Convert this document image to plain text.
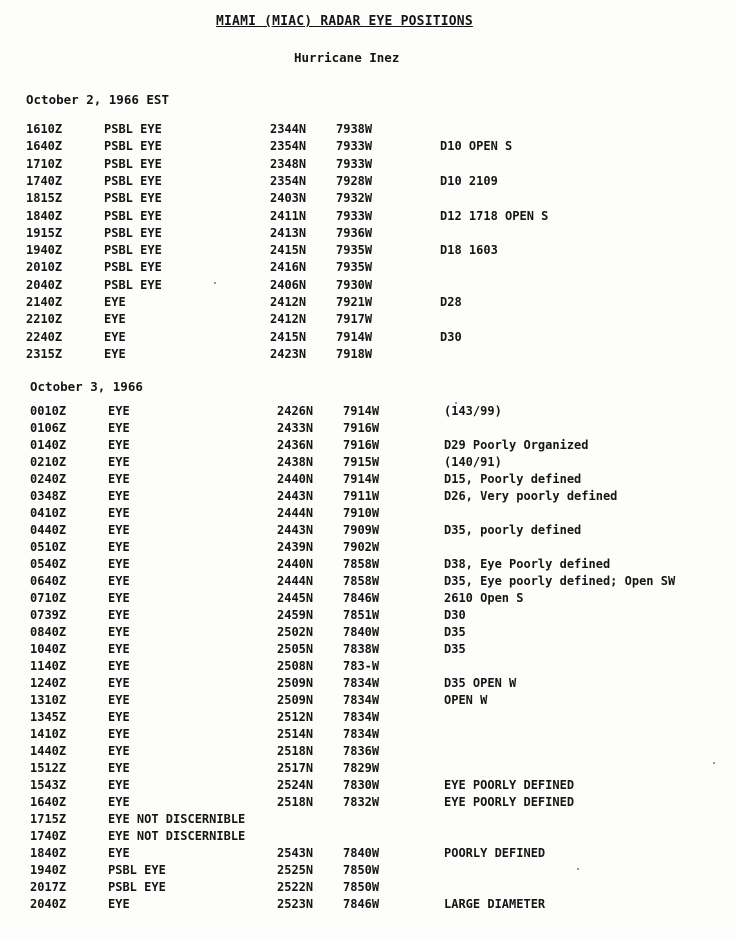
MIAMI (MIAC) RADAR EYE POSITIONS
Hurricane Inez
October 2, 1966 EST
1610Z	PSBL EYE	2344N 7938W
1640Z	PSBL EYE	2354N 7933W	D10 OPEN S
1710Z	PSBL EYE	2348N 7933W
1740Z	PSBL EYE	2354N 7928W	D10 2109
1815Z	PSBL EYE	2403N 7932W
1840Z	PSBL EYE	2411N 7933W	D12 1718 OPEN S
1915Z	PSBL EYE	2413N 7936W
1940Z	PSBL EYE	2415N 7935W	D18 1603
2010Z	PSBL EYE	2416N 7935W
2040Z	PSBL EYE	2406N 7930W
2140Z	EYE	2412N 7921W	D28
2210Z	EYE	2412N 7917W
2240Z	EYE	2415N 7914W	D30
2315Z	EYE	2423N 7918W
October 3, 1966
0010Z	EYE	2426N 7914W	(143/99)
0106Z	EYE	2433N 7916W
0140Z	EYE	2436N 7916W	D29 Poorly Organized
0210Z	EYE	2438N 7915W	(140/91)
0240Z	EYE	2440N 7914W	D15, Poorly defined
0348Z	EYE	2443N 7911W	D26, Very poorly defined
0410Z	EYE	2444N 7910W
0440Z	EYE	2443N 7909W	D35, poorly defined
0510Z	EYE	2439N 7902W
0540Z	EYE	2440N 7858W	D38, Eye Poorly defined
0640Z	EYE	2444N 7858W	D35, Eye poorly defined; Open SW
0710Z	EYE	2445N 7846W	2610 Open S
0739Z	EYE	2459N 7851W	D30
0840Z	EYE	2502N 7840W	D35
1040Z	EYE	2505N 7838W	D35
1140Z	EYE	2508N 783-W
1240Z	EYE	2509N 7834W	D35 OPEN W
1310Z	EYE	2509N 7834W	OPEN W
1345Z	EYE	2512N 7834W
1410Z	EYE	2514N 7834W
1440Z	EYE	2518N 7836W
1512Z	EYE	2517N 7829W
1543Z	EYE	2524N 7830W	EYE POORLY DEFINED
1640Z	EYE	2518N 7832W	EYE POORLY DEFINED
1715Z	EYE NOT DISCERNIBLE
1740Z	EYE NOT DISCERNIBLE
1840Z	EYE	2543N 7840W	POORLY DEFINED
1940Z	PSBL EYE	2525N 7850W
2017Z	PSBL EYE	2522N 7850W
2040Z	EYE	2523N 7846W	LARGE DIAMETER
